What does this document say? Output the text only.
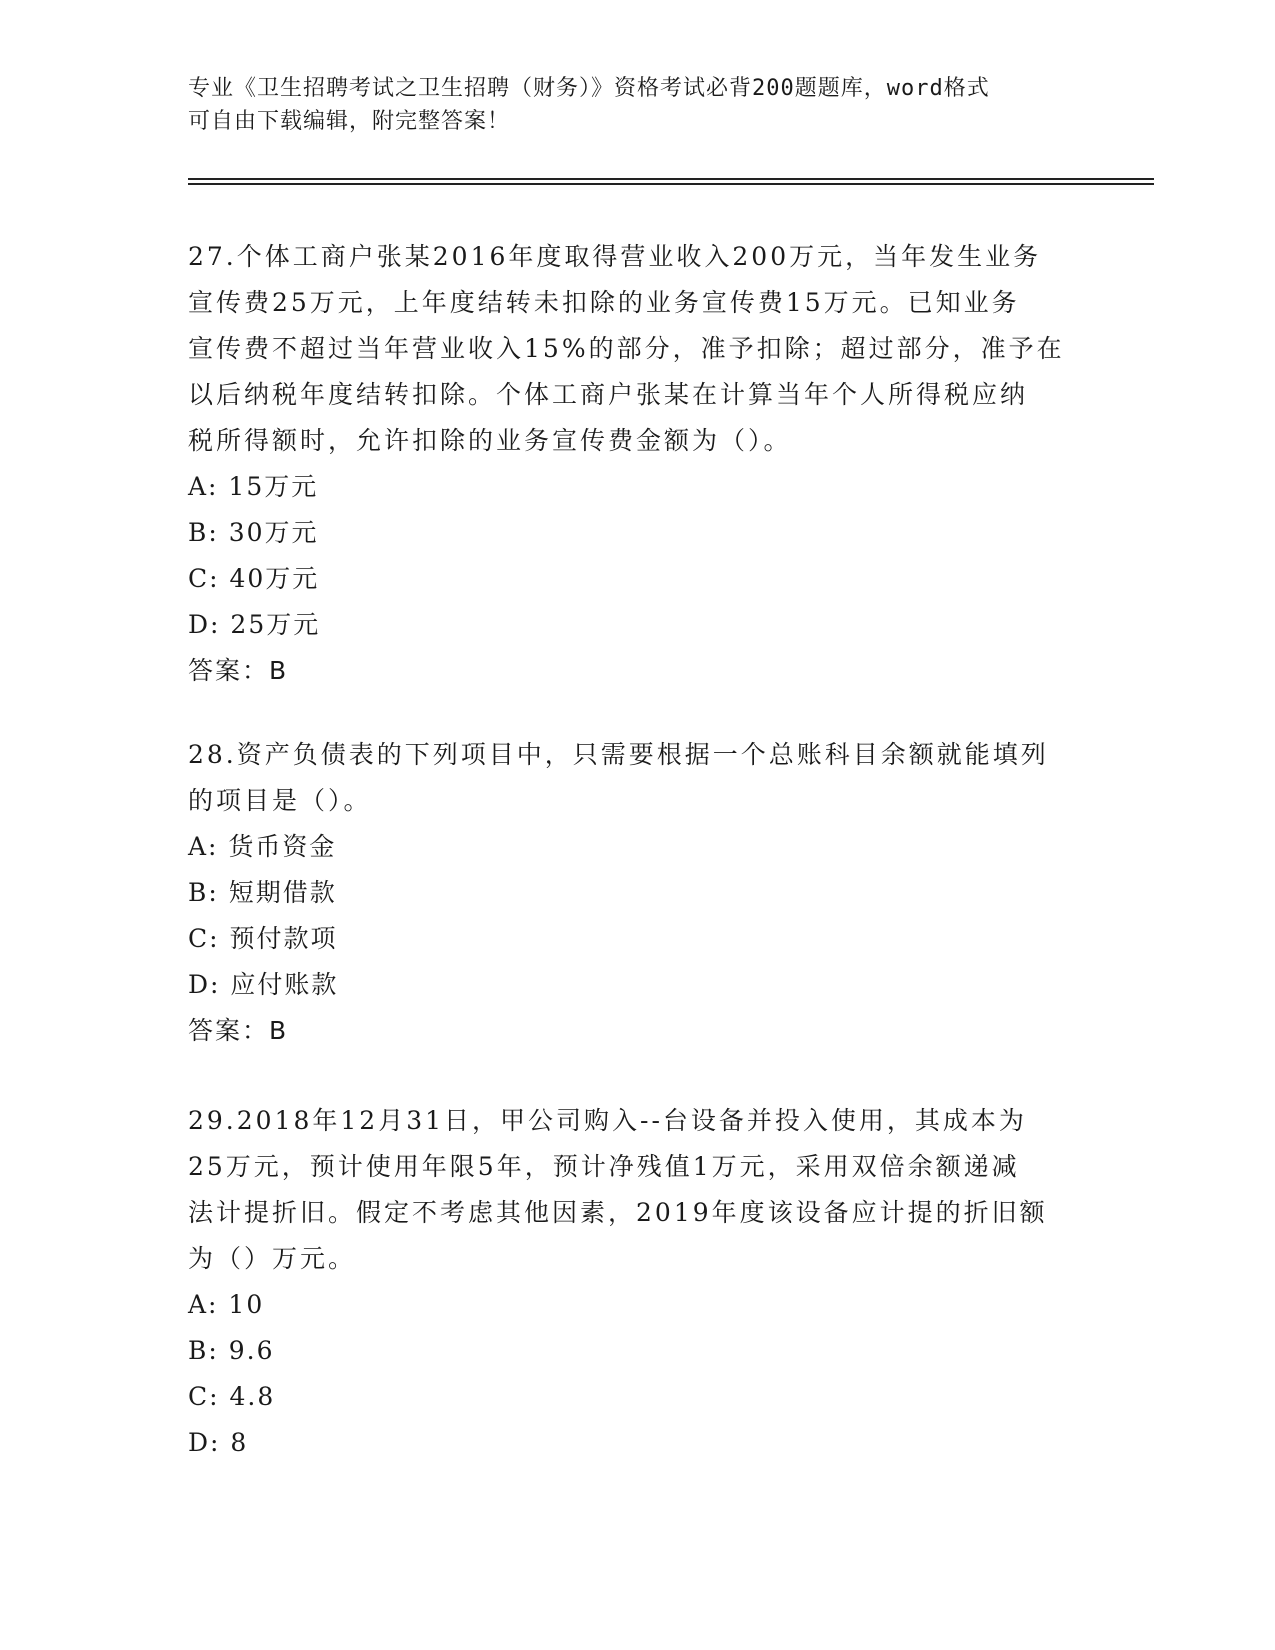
专业《卫生招聘考试之卫生招聘（财务）》资格考试必背200题题库，word格式
可自由下载编辑，附完整答案！
27.个体工商户张某2016年度取得营业收入200万元，当年发生业务
宣传费25万元，上年度结转未扣除的业务宣传费15万元。已知业务
宣传费不超过当年营业收入15%的部分，准予扣除；超过部分，准予在
以后纳税年度结转扣除。个体工商户张某在计算当年个人所得税应纳
税所得额时，允许扣除的业务宣传费金额为（）。
A: 15万元
B: 30万元
C: 40万元
D: 25万元
答案：B
28.资产负债表的下列项目中，只需要根据一个总账科目余额就能填列
的项目是（）。
A: 货币资金
B: 短期借款
C: 预付款项
D: 应付账款
答案：B
29.2018年12月31日，甲公司购入--台设备并投入使用，其成本为
25万元，预计使用年限5年，预计净残值1万元，采用双倍余额递减
法计提折旧。假定不考虑其他因素，2019年度该设备应计提的折旧额
为（）万元。
A: 10
B: 9.6
C: 4.8
D: 8
